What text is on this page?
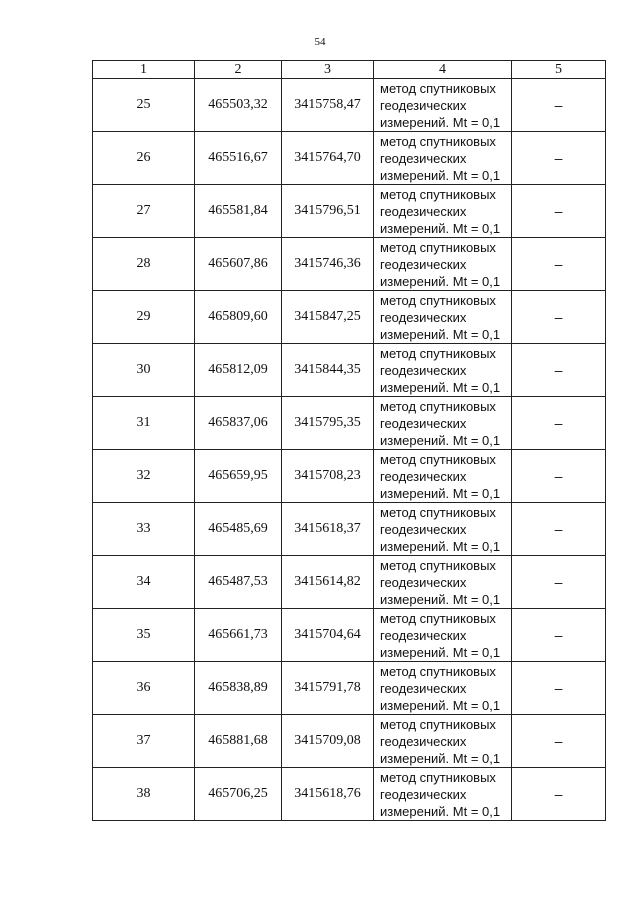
54
1	2	3	4	5
25	465503,32	3415758,47	метод спутниковых
геодезических
измерений. Mt = 0,1	–
26	465516,67	3415764,70	метод спутниковых
геодезических
измерений. Mt = 0,1	–
27	465581,84	3415796,51	метод спутниковых
геодезических
измерений. Mt = 0,1	–
28	465607,86	3415746,36	метод спутниковых
геодезических
измерений. Mt = 0,1	–
29	465809,60	3415847,25	метод спутниковых
геодезических
измерений. Mt = 0,1	–
30	465812,09	3415844,35	метод спутниковых
геодезических
измерений. Mt = 0,1	–
31	465837,06	3415795,35	метод спутниковых
геодезических
измерений. Mt = 0,1	–
32	465659,95	3415708,23	метод спутниковых
геодезических
измерений. Mt = 0,1	–
33	465485,69	3415618,37	метод спутниковых
геодезических
измерений. Mt = 0,1	–
34	465487,53	3415614,82	метод спутниковых
геодезических
измерений. Mt = 0,1	–
35	465661,73	3415704,64	метод спутниковых
геодезических
измерений. Mt = 0,1	–
36	465838,89	3415791,78	метод спутниковых
геодезических
измерений. Mt = 0,1	–
37	465881,68	3415709,08	метод спутниковых
геодезических
измерений. Mt = 0,1	–
38	465706,25	3415618,76	метод спутниковых
геодезических
измерений. Mt = 0,1	–
